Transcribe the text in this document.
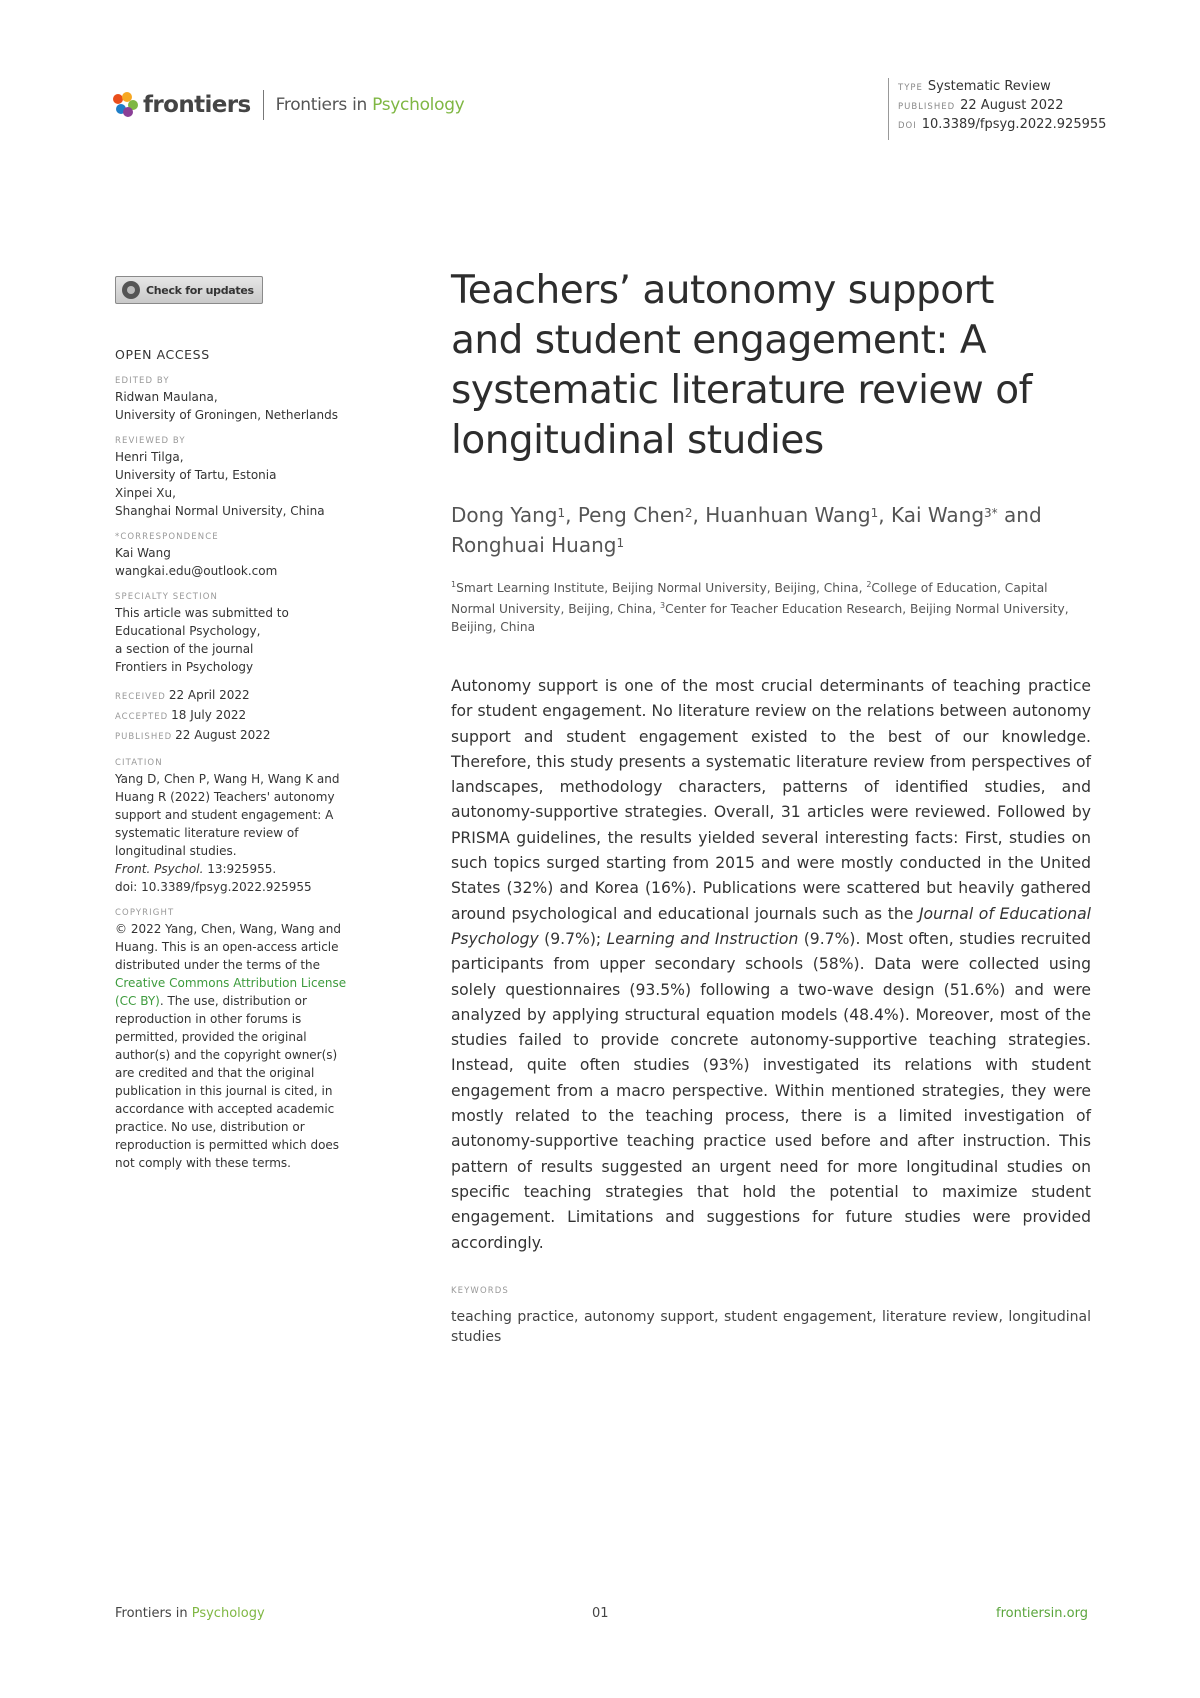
frontiers Frontiers in Psychology
TYPE Systematic Review
PUBLISHED 22 August 2022
DOI 10.3389/fpsyg.2022.925955
Check for updates
OPEN ACCESS
EDITED BY
Ridwan Maulana,
University of Groningen, Netherlands
REVIEWED BY
Henri Tilga,
University of Tartu, Estonia
Xinpei Xu,
Shanghai Normal University, China
*CORRESPONDENCE
Kai Wang
wangkai.edu@outlook.com
SPECIALTY SECTION
This article was submitted to
Educational Psychology,
a section of the journal
Frontiers in Psychology
RECEIVED 22 April 2022
ACCEPTED 18 July 2022
PUBLISHED 22 August 2022
CITATION
Yang D, Chen P, Wang H, Wang K and
Huang R (2022) Teachers' autonomy
support and student engagement: A
systematic literature review of
longitudinal studies.
Front. Psychol. 13:925955.
doi: 10.3389/fpsyg.2022.925955
COPYRIGHT
© 2022 Yang, Chen, Wang, Wang and
Huang. This is an open-access article
distributed under the terms of the
Creative Commons Attribution License
(CC BY). The use, distribution or
reproduction in other forums is
permitted, provided the original
author(s) and the copyright owner(s)
are credited and that the original
publication in this journal is cited, in
accordance with accepted academic
practice. No use, distribution or
reproduction is permitted which does
not comply with these terms.
Teachers’ autonomy support and student engagement: A systematic literature review of longitudinal studies
Dong Yang$^1$, Peng Chen$^2$, Huanhuan Wang$^1$, Kai Wang$^{3*}$ and Ronghuai Huang$^1$
$^1$Smart Learning Institute, Beijing Normal University, Beijing, China, $^2$College of Education, Capital Normal University, Beijing, China, $^3$Center for Teacher Education Research, Beijing Normal University, Beijing, China
Autonomy support is one of the most crucial determinants of teaching practice for student engagement. No literature review on the relations between autonomy support and student engagement existed to the best of our knowledge. Therefore, this study presents a systematic literature review from perspectives of landscapes, methodology characters, patterns of identified studies, and autonomy-supportive strategies. Overall, 31 articles were reviewed. Followed by PRISMA guidelines, the results yielded several interesting facts: First, studies on such topics surged starting from 2015 and were mostly conducted in the United States (32%) and Korea (16%). Publications were scattered but heavily gathered around psychological and educational journals such as the Journal of Educational Psychology (9.7%); Learning and Instruction (9.7%). Most often, studies recruited participants from upper secondary schools (58%). Data were collected using solely questionnaires (93.5%) following a two-wave design (51.6%) and were analyzed by applying structural equation models (48.4%). Moreover, most of the studies failed to provide concrete autonomy-supportive teaching strategies. Instead, quite often studies (93%) investigated its relations with student engagement from a macro perspective. Within mentioned strategies, they were mostly related to the teaching process, there is a limited investigation of autonomy-supportive teaching practice used before and after instruction. This pattern of results suggested an urgent need for more longitudinal studies on specific teaching strategies that hold the potential to maximize student engagement. Limitations and suggestions for future studies were provided accordingly.
KEYWORDS
teaching practice, autonomy support, student engagement, literature review, longitudinal studies
Frontiers in Psychology	01	frontiersin.org
